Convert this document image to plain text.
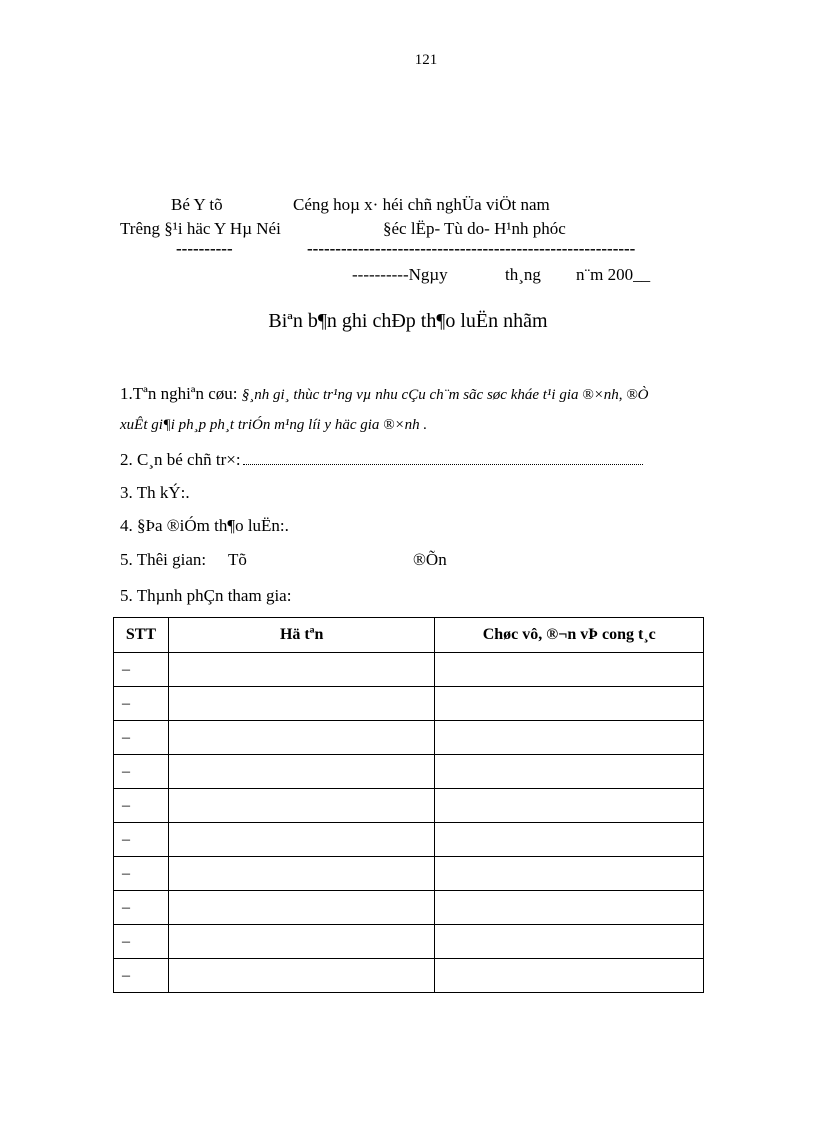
121
Bé Y tõ	Céng hoµ x· héi chñ nghÜa viÖt nam
Trêng §¹i häc Y Hµ Néi	§éc lËp- Tù do- H¹nh phóc
----------	----------------------------------------------------------
----------Ngµy	th¸ng n¨m 200__
Biªn b¶n ghi chÐp th¶o luËn nhãm
1.Tªn nghiªn cøu: §¸nh gi¸ thùc tr¹ng vµ nhu cÇu ch¨m sãc søc kháe t¹i gia ®×nh, ®Ò
xuÊt gi¶i ph¸p ph¸t triÓn m¹ng líi y häc gia ®×nh .
2. C¸n bé chñ tr×:
3. Th kÝ:.
4. §Þa ®iÓm th¶o luËn:.
5. Thêi gian: Tõ	®Õn
5. Thµnh phÇn tham gia:
STT	Hä tªn	Chøc vô, ®¬n vÞ cong t¸c
–		
–		
–		
–		
–		
–		
–		
–		
–		
–		
